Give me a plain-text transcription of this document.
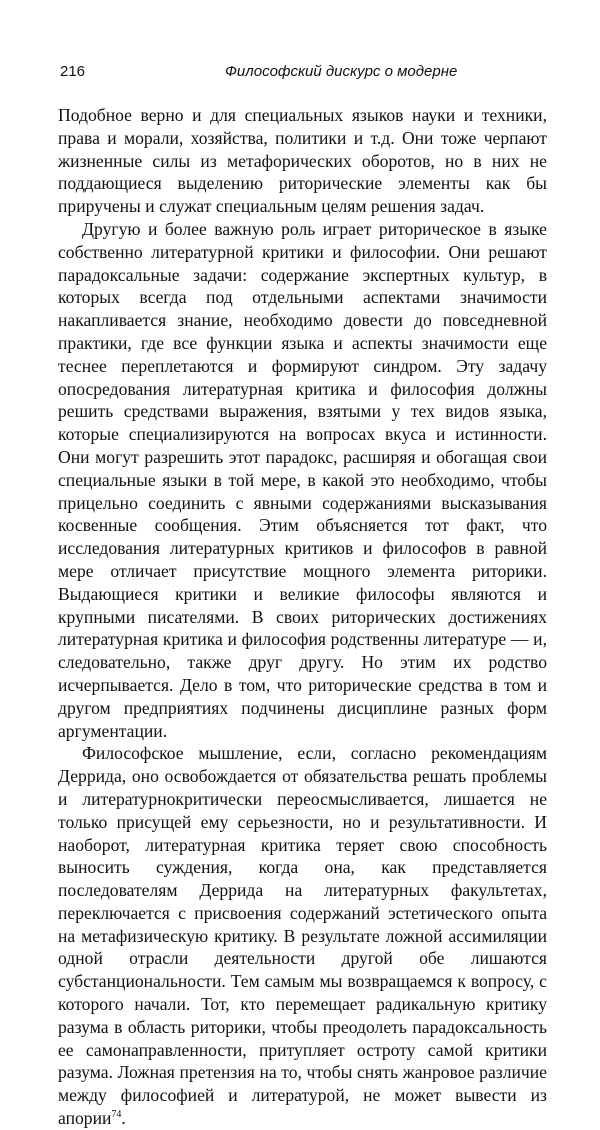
216	Философский дискурс о модерне

Подобное верно и для специальных языков науки и техники, права и морали, хозяйства, политики и т.д. Они тоже черпают жизненные силы из метафорических оборотов, но в них не поддающиеся выделению риторические элементы как бы приручены и служат специальным целям решения задач.

Другую и более важную роль играет риторическое в языке собственно литературной критики и философии. Они решают парадоксальные задачи: содержание экспертных культур, в которых всегда под отдельными аспектами значимости накапливается знание, необходимо довести до повседневной практики, где все функции языка и аспекты значимости еще теснее переплетаются и формируют синдром. Эту задачу опосредования литературная критика и философия должны решить средствами выражения, взятыми у тех видов языка, которые специализируются на вопросах вкуса и истинности. Они могут разрешить этот парадокс, расширяя и обогащая свои специальные языки в той мере, в какой это необходимо, чтобы прицельно соединить с явными содержаниями высказывания косвенные сообщения. Этим объясняется тот факт, что исследования литературных критиков и философов в равной мере отличает присутствие мощного элемента риторики. Выдающиеся критики и великие философы являются и крупными писателями. В своих риторических достижениях литературная критика и философия родственны литературе — и, следовательно, также друг другу. Но этим их родство исчерпывается. Дело в том, что риторические средства в том и другом предприятиях подчинены дисциплине разных форм аргументации.

Философское мышление, если, согласно рекомендациям Деррида, оно освобождается от обязательства решать проблемы и литературнокритически переосмысливается, лишается не только присущей ему серьезности, но и результативности. И наоборот, литературная критика теряет свою способность выносить суждения, когда она, как представляется последователям Деррида на литературных факультетах, переключается с присвоения содержаний эстетического опыта на метафизическую критику. В результате ложной ассимиляции одной отрасли деятельности другой обе лишаются субстанциональности. Тем самым мы возвращаемся к вопросу, с которого начали. Тот, кто перемещает радикальную критику разума в область риторики, чтобы преодолеть парадоксальность ее самонаправленности, притупляет остроту самой критики разума. Ложная претензия на то, чтобы снять жанровое различие между философией и литературой, не может вывести из апории$^{74}$.
